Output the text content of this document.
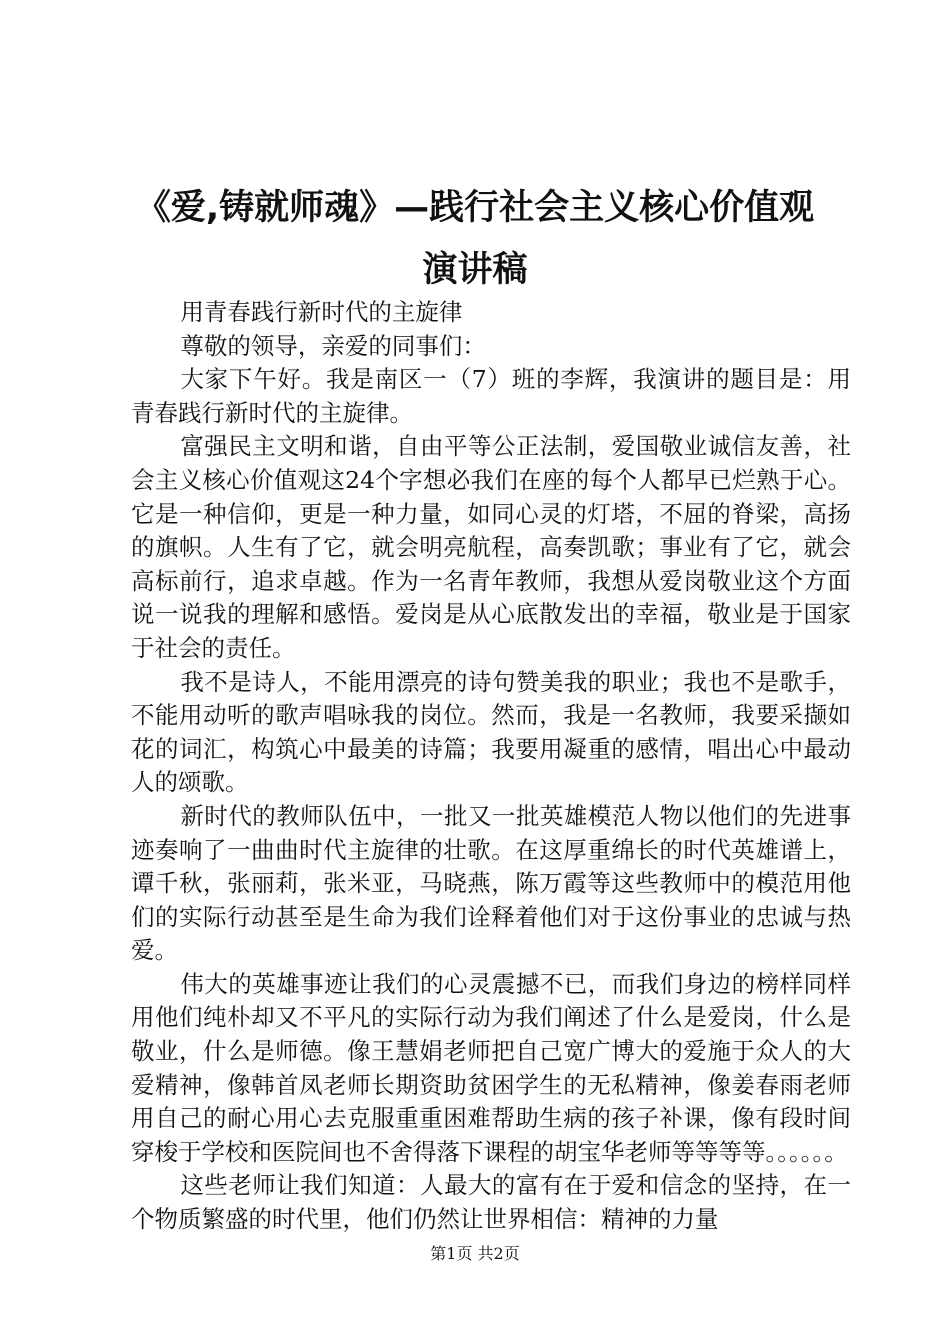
《爱,铸就师魂》—践行社会主义核心价值观
演讲稿

用青春践行新时代的主旋律

尊敬的领导，亲爱的同事们：

大家下午好。我是南区一（7）班的李辉，我演讲的题目是：用青春践行新时代的主旋律。

富强民主文明和谐，自由平等公正法制，爱国敬业诚信友善，社会主义核心价值观这24个字想必我们在座的每个人都早已烂熟于心。它是一种信仰，更是一种力量，如同心灵的灯塔，不屈的脊梁，高扬的旗帜。人生有了它，就会明亮航程，高奏凯歌；事业有了它，就会高标前行，追求卓越。作为一名青年教师，我想从爱岗敬业这个方面说一说我的理解和感悟。爱岗是从心底散发出的幸福，敬业是于国家于社会的责任。

我不是诗人，不能用漂亮的诗句赞美我的职业；我也不是歌手，不能用动听的歌声唱咏我的岗位。然而，我是一名教师，我要采撷如花的词汇，构筑心中最美的诗篇；我要用凝重的感情，唱出心中最动人的颂歌。

新时代的教师队伍中，一批又一批英雄模范人物以他们的先进事迹奏响了一曲曲时代主旋律的壮歌。在这厚重绵长的时代英雄谱上，谭千秋，张丽莉，张米亚，马晓燕，陈万霞等这些教师中的模范用他们的实际行动甚至是生命为我们诠释着他们对于这份事业的忠诚与热爱。

伟大的英雄事迹让我们的心灵震撼不已，而我们身边的榜样同样用他们纯朴却又不平凡的实际行动为我们阐述了什么是爱岗，什么是敬业，什么是师德。像王慧娟老师把自己宽广博大的爱施于众人的大爱精神，像韩首凤老师长期资助贫困学生的无私精神，像姜春雨老师用自己的耐心用心去克服重重困难帮助生病的孩子补课，像有段时间穿梭于学校和医院间也不舍得落下课程的胡宝华老师等等等等。。。。。。

这些老师让我们知道：人最大的富有在于爱和信念的坚持，在一个物质繁盛的时代里，他们仍然让世界相信：精神的力量

第1页 共2页
